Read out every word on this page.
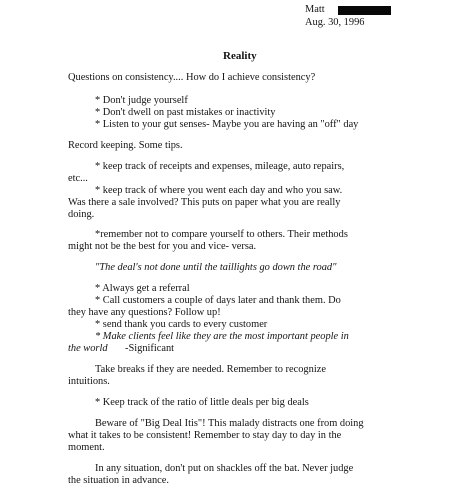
Matt
Aug. 30, 1996
Reality
Questions on consistency.... How do I achieve consistency?
* Don't judge yourself
* Don't dwell on past mistakes or inactivity
* Listen to your gut senses- Maybe you are having an "off" day
Record keeping. Some tips.
* keep track of receipts and expenses, mileage, auto repairs,
etc...
* keep track of where you went each day and who you saw.
Was there a sale involved? This puts on paper what you are really
doing.
*remember not to compare yourself to others. Their methods
might not be the best for you and vice- versa.
"The deal's not done until the taillights go down the road"
* Always get a referral
* Call customers a couple of days later and thank them. Do
they have any questions? Follow up!
* send thank you cards to every customer
* Make clients feel like they are the most important people in
the world -Significant
Take breaks if they are needed. Remember to recognize
intuitions.
* Keep track of the ratio of little deals per big deals
Beware of "Big Deal Itis"! This malady distracts one from doing
what it takes to be consistent! Remember to stay day to day in the
moment.
In any situation, don't put on shackles off the bat. Never judge
the situation in advance.
